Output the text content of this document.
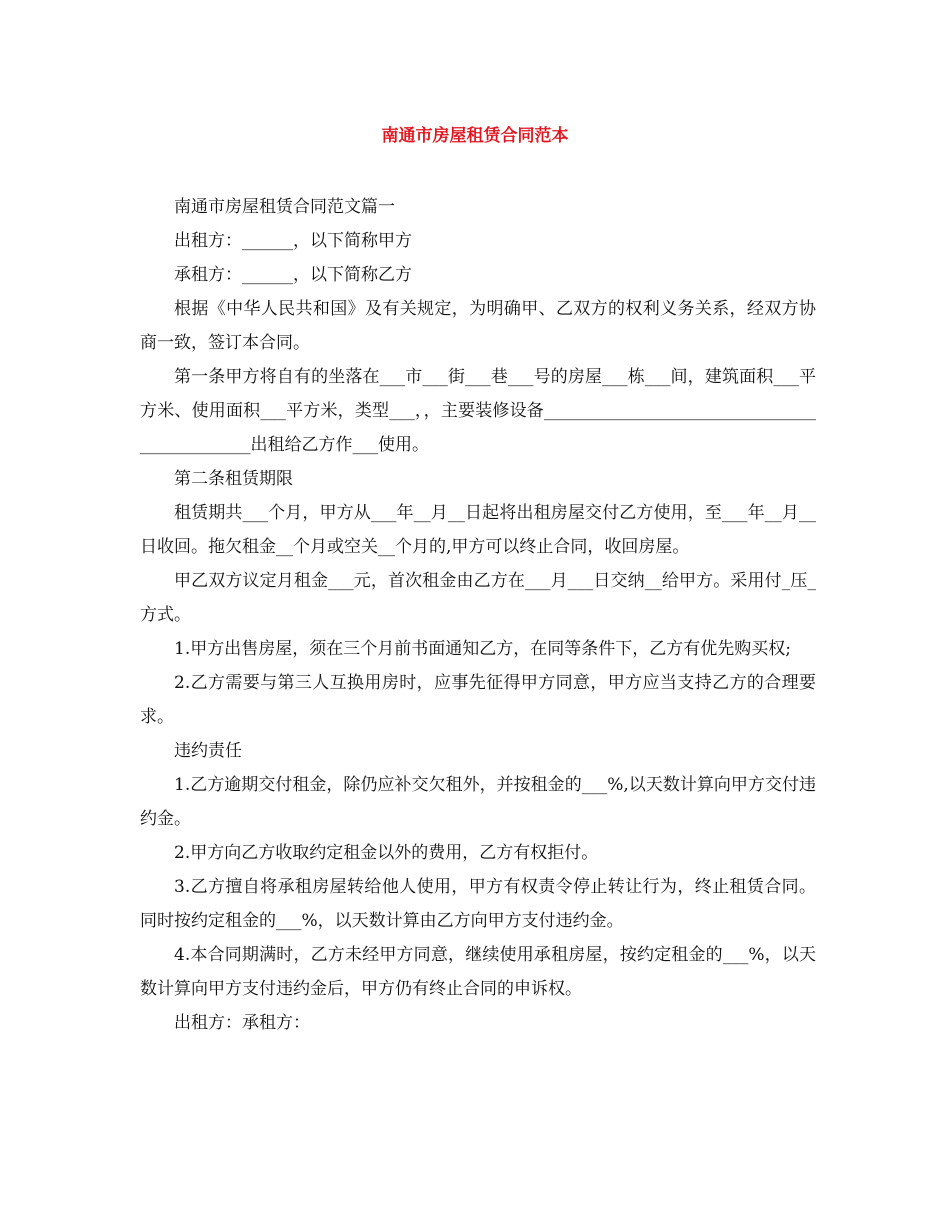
南通市房屋租赁合同范本

南通市房屋租赁合同范文篇一

出租方：______，以下简称甲方

承租方：______，以下简称乙方

根据《中华人民共和国》及有关规定，为明确甲、乙双方的权利义务关系，经双方协商一致，签订本合同。

第一条甲方将自有的坐落在___市___街___巷___号的房屋___栋___间，建筑面积___平方米、使用面积___平方米，类型___，，主要装修设备_____________________________________________出租给乙方作___使用。

第二条租赁期限

租赁期共___个月，甲方从___年__月__日起将出租房屋交付乙方使用，至___年__月__日收回。拖欠租金__个月或空关__个月的,甲方可以终止合同，收回房屋。

甲乙双方议定月租金___元，首次租金由乙方在___月___日交纳__给甲方。采用付_压_方式。

1.甲方出售房屋，须在三个月前书面通知乙方，在同等条件下，乙方有优先购买权;

2.乙方需要与第三人互换用房时，应事先征得甲方同意，甲方应当支持乙方的合理要求。

违约责任

1.乙方逾期交付租金，除仍应补交欠租外，并按租金的___%,以天数计算向甲方交付违约金。

2.甲方向乙方收取约定租金以外的费用，乙方有权拒付。

3.乙方擅自将承租房屋转给他人使用，甲方有权责令停止转让行为，终止租赁合同。同时按约定租金的___%，以天数计算由乙方向甲方支付违约金。

4.本合同期满时，乙方未经甲方同意，继续使用承租房屋，按约定租金的___%，以天数计算向甲方支付违约金后，甲方仍有终止合同的申诉权。

出租方：承租方：
